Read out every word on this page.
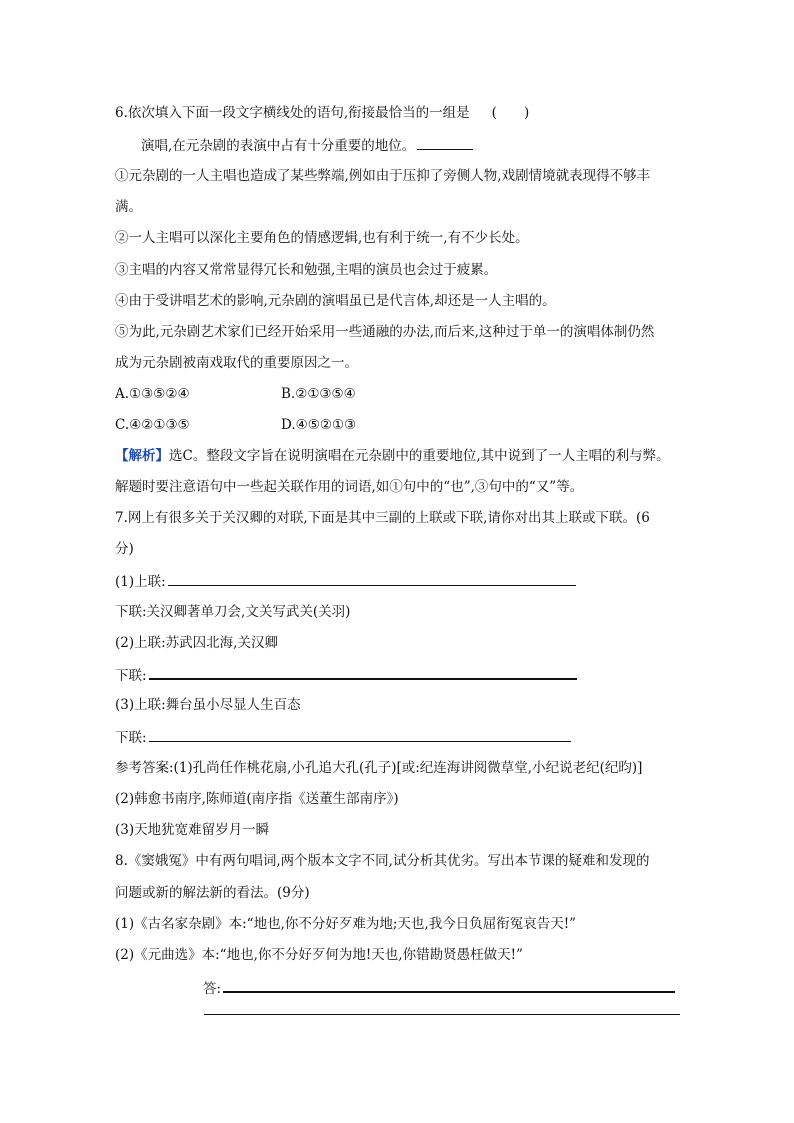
6.依次填入下面一段文字横线处的语句,衔接最恰当的一组是 (　　)
演唱,在元杂剧的表演中占有十分重要的地位。
①元杂剧的一人主唱也造成了某些弊端,例如由于压抑了旁侧人物,戏剧情境就表现得不够丰
满。
②一人主唱可以深化主要角色的情感逻辑,也有利于统一,有不少长处。
③主唱的内容又常常显得冗长和勉强,主唱的演员也会过于疲累。
④由于受讲唱艺术的影响,元杂剧的演唱虽已是代言体,却还是一人主唱的。
⑤为此,元杂剧艺术家们已经开始采用一些通融的办法,而后来,这种过于单一的演唱体制仍然
成为元杂剧被南戏取代的重要原因之一。
A.①③⑤②④	B.②①③⑤④
C.④②①③⑤	D.④⑤②①③
【解析】选C。整段文字旨在说明演唱在元杂剧中的重要地位,其中说到了一人主唱的利与弊。
解题时要注意语句中一些起关联作用的词语,如①句中的“也”,③句中的“又”等。
7.网上有很多关于关汉卿的对联,下面是其中三副的上联或下联,请你对出其上联或下联。(6
分)
(1)上联:
下联:关汉卿著单刀会,文关写武关(关羽)
(2)上联:苏武囚北海,关汉卿
下联:
(3)上联:舞台虽小尽显人生百态
下联:
参考答案:(1)孔尚任作桃花扇,小孔追大孔(孔子)[或:纪连海讲阅微草堂,小纪说老纪(纪昀)]
(2)韩愈书南序,陈师道(南序指《送董生部南序》)
(3)天地犹宽难留岁月一瞬
8.《窦娥冤》中有两句唱词,两个版本文字不同,试分析其优劣。写出本节课的疑难和发现的
问题或新的解法新的看法。(9分)
(1)《古名家杂剧》本:“地也,你不分好歹难为地;天也,我今日负屈衔冤哀告天!”
(2)《元曲选》本:“地也,你不分好歹何为地!天也,你错勘贤愚枉做天!”
答:
